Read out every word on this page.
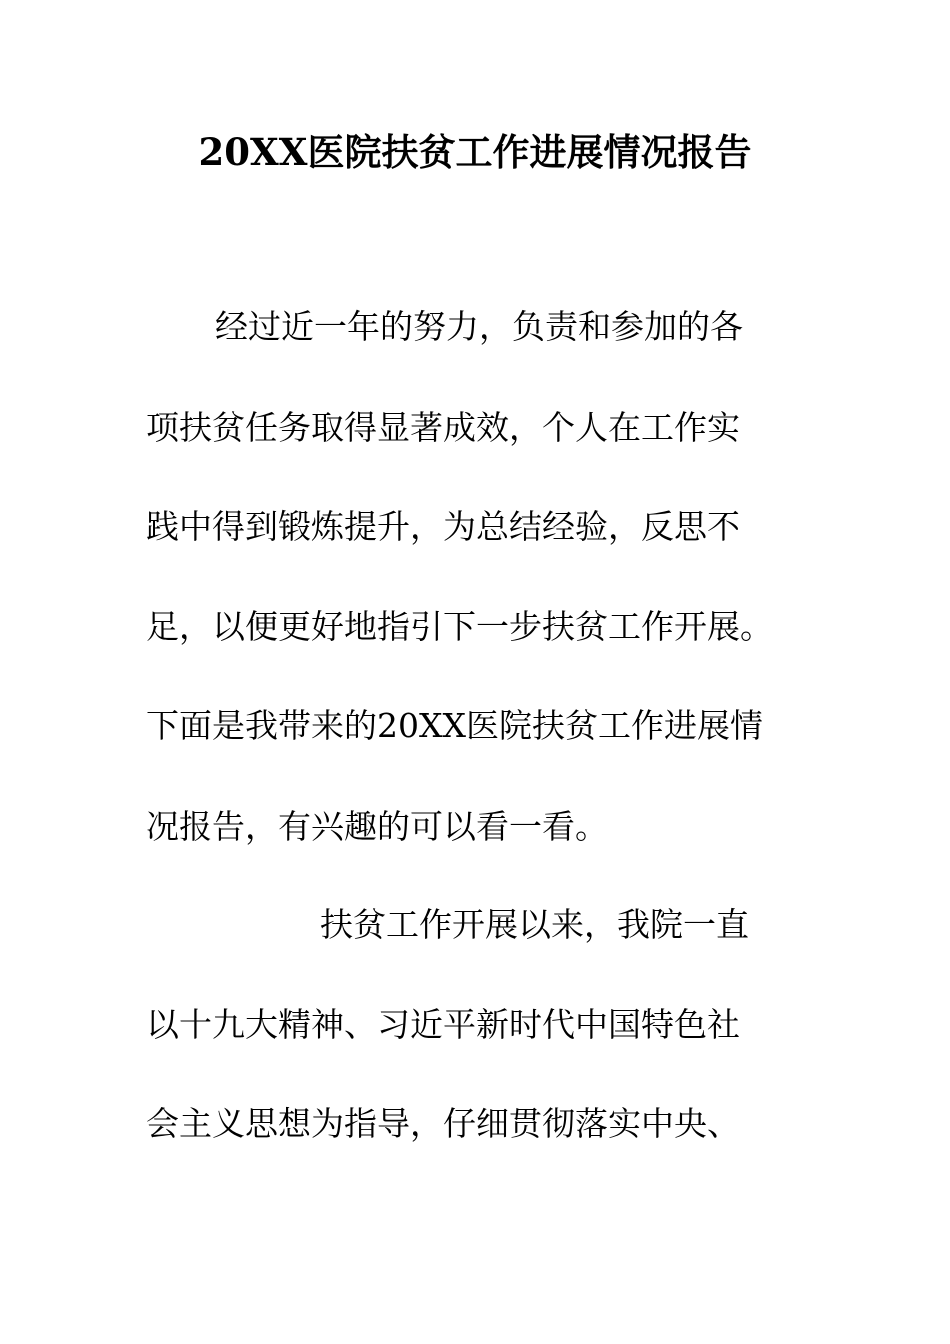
20XX医院扶贫工作进展情况报告
经过近一年的努力，负责和参加的各
项扶贫任务取得显著成效，个人在工作实
践中得到锻炼提升，为总结经验，反思不
足，以便更好地指引下一步扶贫工作开展。
下面是我带来的20XX医院扶贫工作进展情
况报告，有兴趣的可以看一看。
扶贫工作开展以来，我院一直
以十九大精神、习近平新时代中国特色社
会主义思想为指导，仔细贯彻落实中央、
